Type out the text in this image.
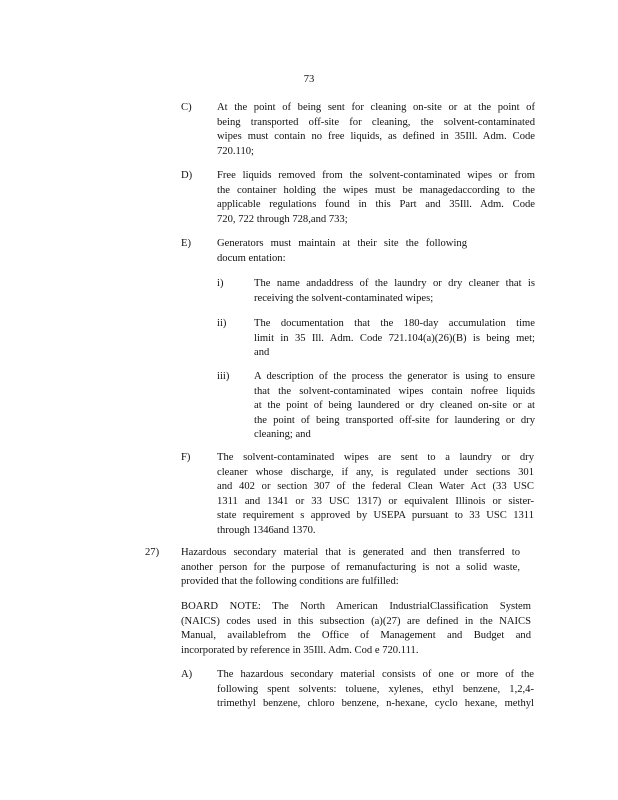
73
C) At the point of being sent for cleaning on-site or at the point of
being transported off-site for cleaning, the solvent-contaminated
wipes must contain no free liquids, as defined in 35Ill. Adm. Code
720.110;
D) Free liquids removed from the solvent-contaminated wipes or from
the container holding the wipes must be managedaccording to the
applicable regulations found in this Part and 35Ill. Adm. Code
720, 722 through 728,and 733;
E) Generators must maintain at their site the following
docum entation:
i)	The name andaddress of the laundry or dry cleaner that is
receiving the solvent-contaminated wipes;
ii)	The documentation that the 180-day accumulation time
limit in 35 Ill. Adm. Code 721.104(a)(26)(B) is being met;
and
iii) A description of the process the generator is using to ensure
that the solvent-contaminated wipes contain nofree liquids
at the point of being laundered or dry cleaned on-site or at
the point of being transported off-site for laundering or dry
cleaning; and
F)	The solvent-contaminated wipes are sent to a laundry or dry
cleaner whose discharge, if any, is regulated under sections 301
and 402 or section 307 of the federal Clean Water Act (33 USC
1311 and 1341 or 33 USC 1317) or equivalent Illinois or sister-
state requirement s approved by USEPA pursuant to 33 USC 1311
through 1346and 1370.
27) Hazardous secondary material that is generated and then transferred to
another person for the purpose of remanufacturing is not a solid waste,
provided that the following conditions are fulfilled:
BOARD NOTE: The North American IndustrialClassification System
(NAICS) codes used in this subsection (a)(27) are defined in the NAICS
Manual, availablefrom the Office of Management and Budget and
incorporated by reference in 35Ill. Adm. Cod e 720.111.
A) The hazardous secondary material consists of one or more of the
following spent solvents: toluene, xylenes, ethyl benzene, 1,2,4-
trimethyl benzene, chloro benzene, n-hexane, cyclo hexane, methyl
